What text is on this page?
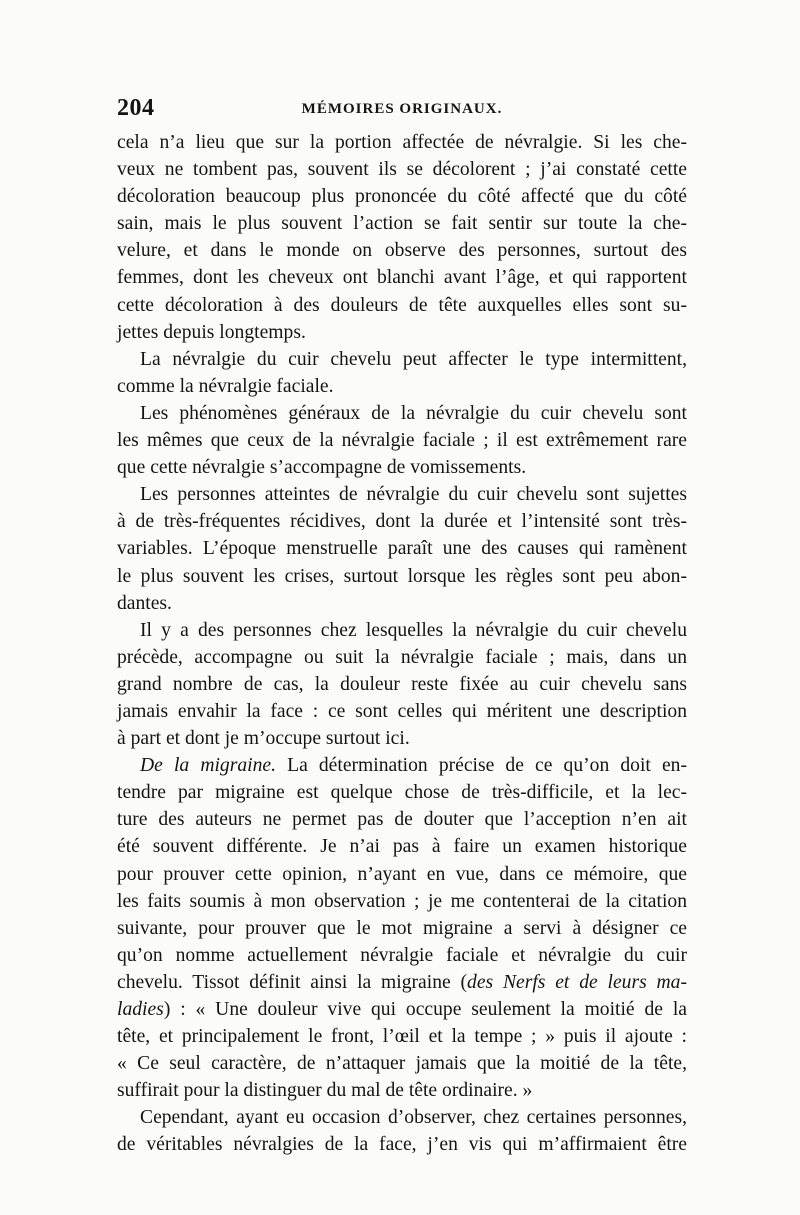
204	MÉMOIRES ORIGINAUX.

cela n’a lieu que sur la portion affectée de névralgie. Si les che-
veux ne tombent pas, souvent ils se décolorent ; j’ai constaté cette
décoloration beaucoup plus prononcée du côté affecté que du côté
sain, mais le plus souvent l’action se fait sentir sur toute la che-
velure, et dans le monde on observe des personnes, surtout des
femmes, dont les cheveux ont blanchi avant l’âge, et qui rapportent
cette décoloration à des douleurs de tête auxquelles elles sont su-
jettes depuis longtemps.

La névralgie du cuir chevelu peut affecter le type intermittent,
comme la névralgie faciale.

Les phénomènes généraux de la névralgie du cuir chevelu sont
les mêmes que ceux de la névralgie faciale ; il est extrêmement rare
que cette névralgie s’accompagne de vomissements.

Les personnes atteintes de névralgie du cuir chevelu sont sujettes
à de très-fréquentes récidives, dont la durée et l’intensité sont très-
variables. L’époque menstruelle paraît une des causes qui ramènent
le plus souvent les crises, surtout lorsque les règles sont peu abon-
dantes.

Il y a des personnes chez lesquelles la névralgie du cuir chevelu
précède, accompagne ou suit la névralgie faciale ; mais, dans un
grand nombre de cas, la douleur reste fixée au cuir chevelu sans
jamais envahir la face : ce sont celles qui méritent une description
à part et dont je m’occupe surtout ici.

De la migraine. La détermination précise de ce qu’on doit en-
tendre par migraine est quelque chose de très-difficile, et la lec-
ture des auteurs ne permet pas de douter que l’acception n’en ait
été souvent différente. Je n’ai pas à faire un examen historique
pour prouver cette opinion, n’ayant en vue, dans ce mémoire, que
les faits soumis à mon observation ; je me contenterai de la citation
suivante, pour prouver que le mot migraine a servi à désigner ce
qu’on nomme actuellement névralgie faciale et névralgie du cuir
chevelu. Tissot définit ainsi la migraine (des Nerfs et de leurs ma-
ladies) : « Une douleur vive qui occupe seulement la moitié de la
tête, et principalement le front, l’œil et la tempe ; » puis il ajoute :
« Ce seul caractère, de n’attaquer jamais que la moitié de la tête,
suffirait pour la distinguer du mal de tête ordinaire. »

Cependant, ayant eu occasion d’observer, chez certaines personnes,
de véritables névralgies de la face, j’en vis qui m’affirmaient être
